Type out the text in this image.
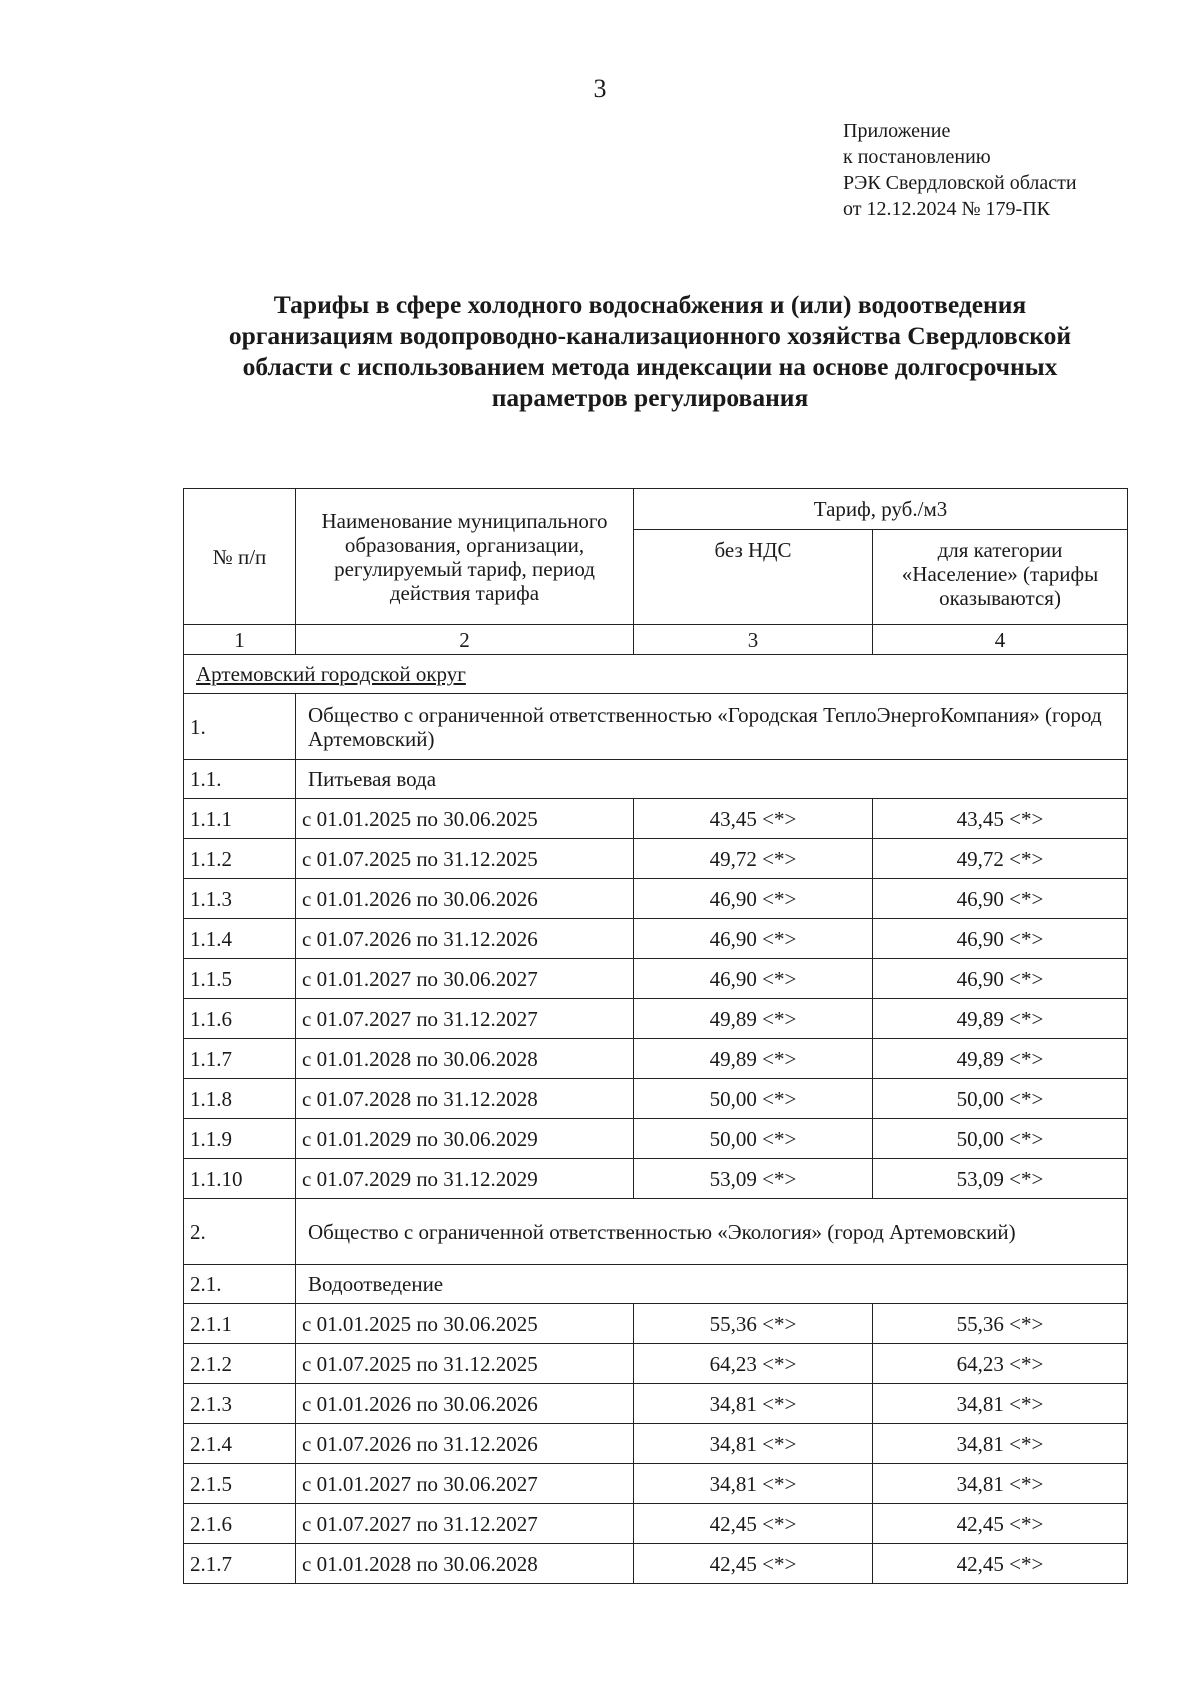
3
Приложение
к постановлению
РЭК Свердловской области
от 12.12.2024 № 179-ПК
Тарифы в сфере холодного водоснабжения и (или) водоотведения
организациям водопроводно-канализационного хозяйства Свердловской
области с использованием метода индексации на основе долгосрочных
параметров регулирования
№ п/п	Наименование муниципального образования, организации, регулируемый тариф, период действия тарифа	Тариф, руб./м3	
		без НДС	для категории «Население» (тарифы оказываются)
1	2	3	4
Артемовский городской округ			
1.	Общество с ограниченной ответственностью «Городская ТеплоЭнергоКомпания» (город Артемовский)		
1.1.	Питьевая вода		
1.1.1	с 01.01.2025 по 30.06.2025	43,45 <*>	43,45 <*>
1.1.2	с 01.07.2025 по 31.12.2025	49,72 <*>	49,72 <*>
1.1.3	с 01.01.2026 по 30.06.2026	46,90 <*>	46,90 <*>
1.1.4	с 01.07.2026 по 31.12.2026	46,90 <*>	46,90 <*>
1.1.5	с 01.01.2027 по 30.06.2027	46,90 <*>	46,90 <*>
1.1.6	с 01.07.2027 по 31.12.2027	49,89 <*>	49,89 <*>
1.1.7	с 01.01.2028 по 30.06.2028	49,89 <*>	49,89 <*>
1.1.8	с 01.07.2028 по 31.12.2028	50,00 <*>	50,00 <*>
1.1.9	с 01.01.2029 по 30.06.2029	50,00 <*>	50,00 <*>
1.1.10	с 01.07.2029 по 31.12.2029	53,09 <*>	53,09 <*>
2.	Общество с ограниченной ответственностью «Экология» (город Артемовский)		
2.1.	Водоотведение		
2.1.1	с 01.01.2025 по 30.06.2025	55,36 <*>	55,36 <*>
2.1.2	с 01.07.2025 по 31.12.2025	64,23 <*>	64,23 <*>
2.1.3	с 01.01.2026 по 30.06.2026	34,81 <*>	34,81 <*>
2.1.4	с 01.07.2026 по 31.12.2026	34,81 <*>	34,81 <*>
2.1.5	с 01.01.2027 по 30.06.2027	34,81 <*>	34,81 <*>
2.1.6	с 01.07.2027 по 31.12.2027	42,45 <*>	42,45 <*>
2.1.7	с 01.01.2028 по 30.06.2028	42,45 <*>	42,45 <*>
